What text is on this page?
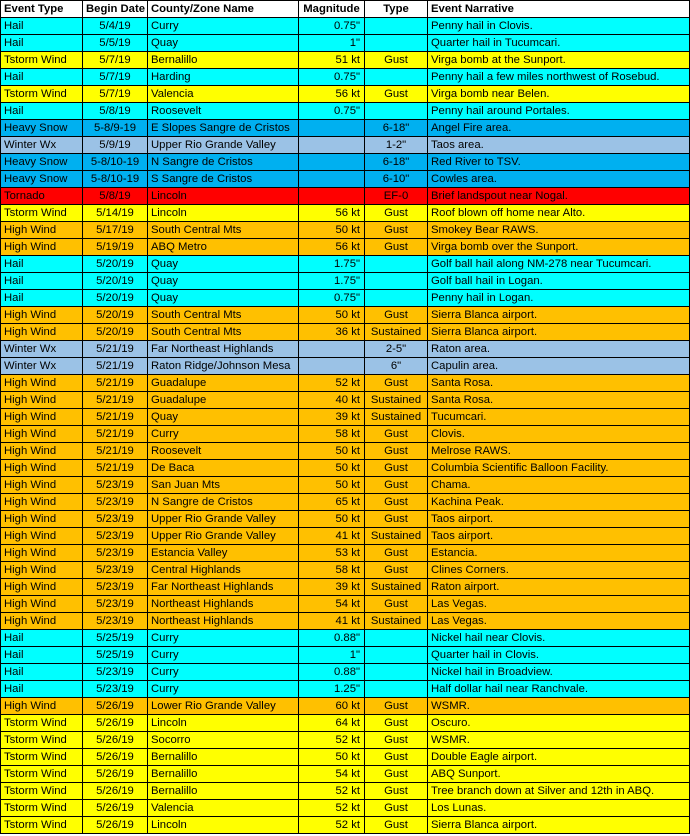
Event Type	Begin Date	County/Zone Name	Magnitude	Type	Event Narrative
Hail	5/4/19	Curry	0.75"		Penny hail in Clovis.
Hail	5/5/19	Quay	1"		Quarter hail in Tucumcari.
Tstorm Wind	5/7/19	Bernalillo	51 kt	Gust	Virga bomb at the Sunport.
Hail	5/7/19	Harding	0.75"		Penny hail a few miles northwest of Rosebud.
Tstorm Wind	5/7/19	Valencia	56 kt	Gust	Virga bomb near Belen.
Hail	5/8/19	Roosevelt	0.75"		Penny hail around Portales.
Heavy Snow	5-8/9-19	E Slopes Sangre de Cristos		6-18"	Angel Fire area.
Winter Wx	5/9/19	Upper Rio Grande Valley		1-2"	Taos area.
Heavy Snow	5-8/10-19	N Sangre de Cristos		6-18"	Red River to TSV.
Heavy Snow	5-8/10-19	S Sangre de Cristos		6-10"	Cowles area.
Tornado	5/8/19	Lincoln		EF-0	Brief landspout near Nogal.
Tstorm Wind	5/14/19	Lincoln	56 kt	Gust	Roof blown off home near Alto.
High Wind	5/17/19	South Central Mts	50 kt	Gust	Smokey Bear RAWS.
High Wind	5/19/19	ABQ Metro	56 kt	Gust	Virga bomb over the Sunport.
Hail	5/20/19	Quay	1.75"		Golf ball hail along NM-278 near Tucumcari.
Hail	5/20/19	Quay	1.75"		Golf ball hail in Logan.
Hail	5/20/19	Quay	0.75"		Penny hail in Logan.
High Wind	5/20/19	South Central Mts	50 kt	Gust	Sierra Blanca airport.
High Wind	5/20/19	South Central Mts	36 kt	Sustained	Sierra Blanca airport.
Winter Wx	5/21/19	Far Northeast Highlands		2-5"	Raton area.
Winter Wx	5/21/19	Raton Ridge/Johnson Mesa		6"	Capulin area.
High Wind	5/21/19	Guadalupe	52 kt	Gust	Santa Rosa.
High Wind	5/21/19	Guadalupe	40 kt	Sustained	Santa Rosa.
High Wind	5/21/19	Quay	39 kt	Sustained	Tucumcari.
High Wind	5/21/19	Curry	58 kt	Gust	Clovis.
High Wind	5/21/19	Roosevelt	50 kt	Gust	Melrose RAWS.
High Wind	5/21/19	De Baca	50 kt	Gust	Columbia Scientific Balloon Facility.
High Wind	5/23/19	San Juan Mts	50 kt	Gust	Chama.
High Wind	5/23/19	N Sangre de Cristos	65 kt	Gust	Kachina Peak.
High Wind	5/23/19	Upper Rio Grande Valley	50 kt	Gust	Taos airport.
High Wind	5/23/19	Upper Rio Grande Valley	41 kt	Sustained	Taos airport.
High Wind	5/23/19	Estancia Valley	53 kt	Gust	Estancia.
High Wind	5/23/19	Central Highlands	58 kt	Gust	Clines Corners.
High Wind	5/23/19	Far Northeast Highlands	39 kt	Sustained	Raton airport.
High Wind	5/23/19	Northeast Highlands	54 kt	Gust	Las Vegas.
High Wind	5/23/19	Northeast Highlands	41 kt	Sustained	Las Vegas.
Hail	5/25/19	Curry	0.88"		Nickel hail near Clovis.
Hail	5/25/19	Curry	1"		Quarter hail in Clovis.
Hail	5/23/19	Curry	0.88"		Nickel hail in Broadview.
Hail	5/23/19	Curry	1.25"		Half dollar hail near Ranchvale.
High Wind	5/26/19	Lower Rio Grande Valley	60 kt	Gust	WSMR.
Tstorm Wind	5/26/19	Lincoln	64 kt	Gust	Oscuro.
Tstorm Wind	5/26/19	Socorro	52 kt	Gust	WSMR.
Tstorm Wind	5/26/19	Bernalillo	50 kt	Gust	Double Eagle airport.
Tstorm Wind	5/26/19	Bernalillo	54 kt	Gust	ABQ Sunport.
Tstorm Wind	5/26/19	Bernalillo	52 kt	Gust	Tree branch down at Silver and 12th in ABQ.
Tstorm Wind	5/26/19	Valencia	52 kt	Gust	Los Lunas.
Tstorm Wind	5/26/19	Lincoln	52 kt	Gust	Sierra Blanca airport.
